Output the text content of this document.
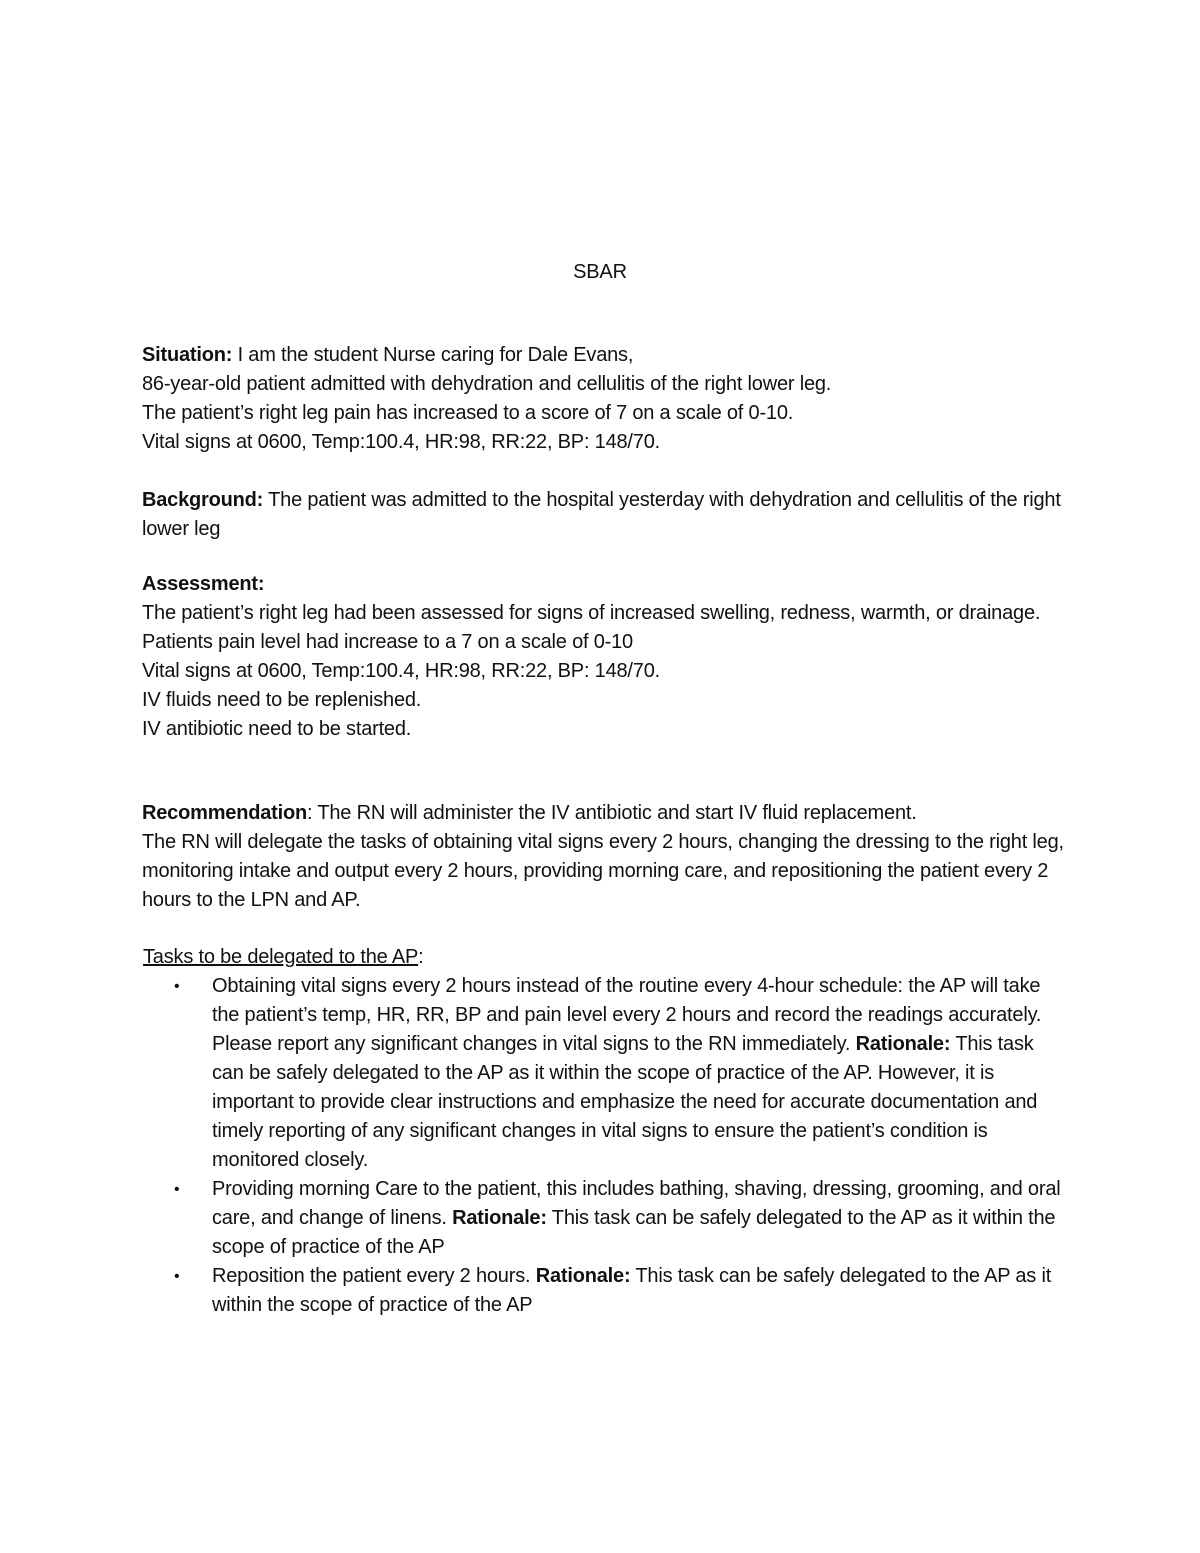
SBAR
Situation: I am the student Nurse caring for Dale Evans,
86-year-old patient admitted with dehydration and cellulitis of the right lower leg.
The patient’s right leg pain has increased to a score of 7 on a scale of 0-10.
Vital signs at 0600, Temp:100.4, HR:98, RR:22, BP: 148/70.
Background: The patient was admitted to the hospital yesterday with dehydration and cellulitis of the right lower leg
Assessment:
The patient’s right leg had been assessed for signs of increased swelling, redness, warmth, or drainage.
Patients pain level had increase to a 7 on a scale of 0-10
Vital signs at 0600, Temp:100.4, HR:98, RR:22, BP: 148/70.
IV fluids need to be replenished.
IV antibiotic need to be started.
Recommendation: The RN will administer the IV antibiotic and start IV fluid replacement.
The RN will delegate the tasks of obtaining vital signs every 2 hours, changing the dressing to the right leg, monitoring intake and output every 2 hours, providing morning care, and repositioning the patient every 2 hours to the LPN and AP.
Tasks to be delegated to the AP:
• Obtaining vital signs every 2 hours instead of the routine every 4-hour schedule: the AP will take the patient’s temp, HR, RR, BP and pain level every 2 hours and record the readings accurately. Please report any significant changes in vital signs to the RN immediately. Rationale: This task can be safely delegated to the AP as it within the scope of practice of the AP. However, it is important to provide clear instructions and emphasize the need for accurate documentation and timely reporting of any significant changes in vital signs to ensure the patient’s condition is monitored closely.
• Providing morning Care to the patient, this includes bathing, shaving, dressing, grooming, and oral care, and change of linens. Rationale: This task can be safely delegated to the AP as it within the scope of practice of the AP
• Reposition the patient every 2 hours. Rationale: This task can be safely delegated to the AP as it within the scope of practice of the AP
